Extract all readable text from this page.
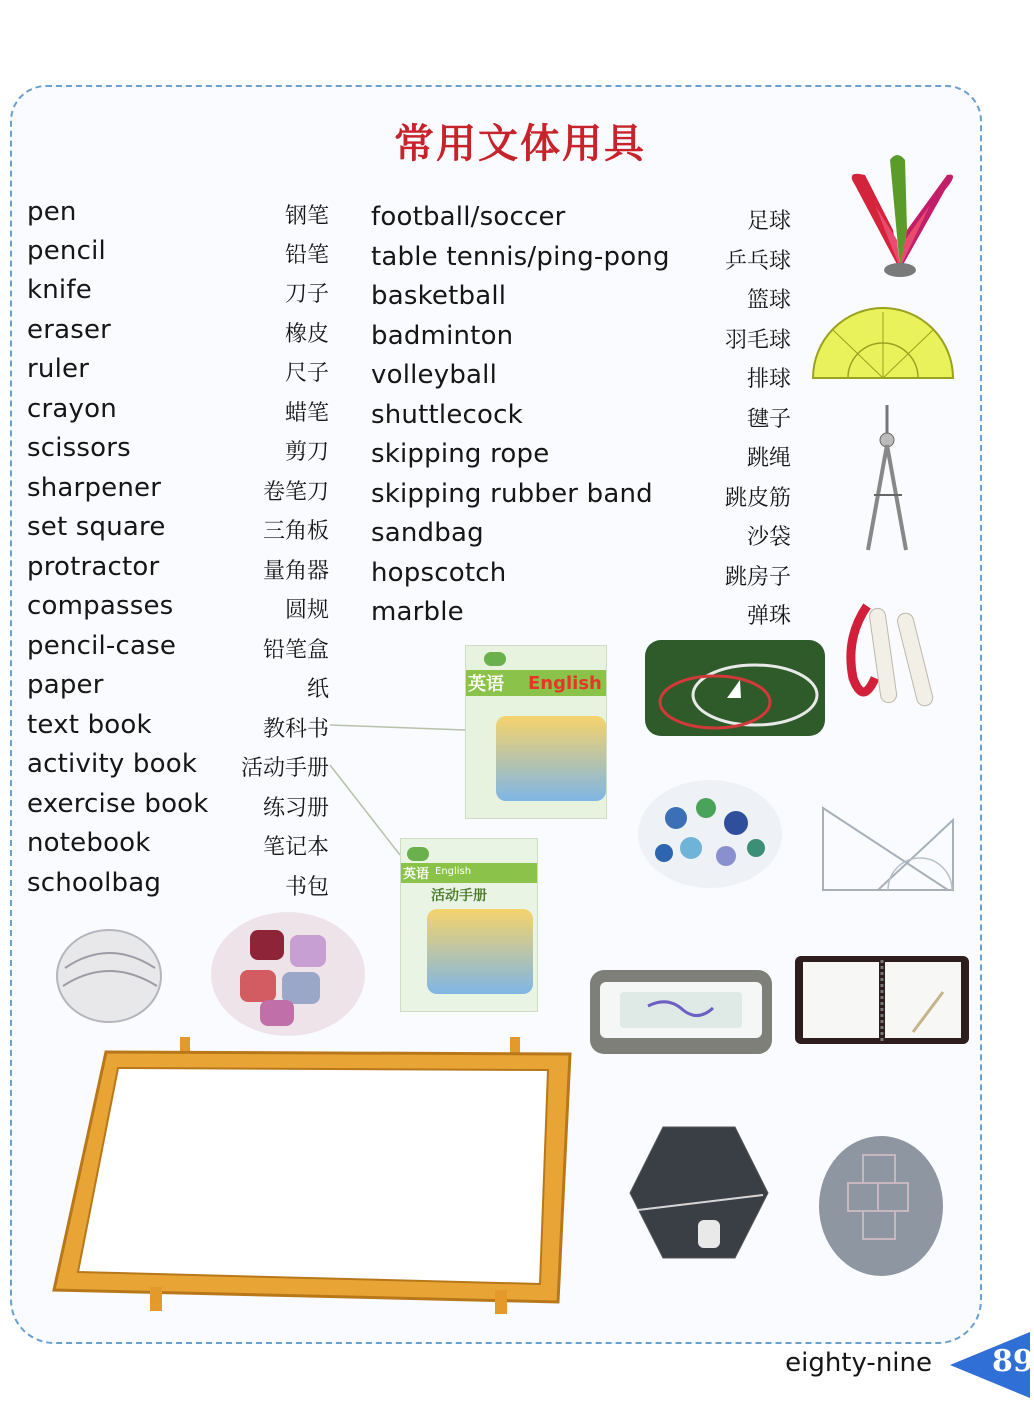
常用文体用具
pen	钢笔
pencil	铅笔
knife	刀子
eraser	橡皮
ruler	尺子
crayon	蜡笔
scissors	剪刀
sharpener	卷笔刀
set square	三角板
protractor	量角器
compasses	圆规
pencil-case	铅笔盒
paper	纸
text book	教科书
activity book 活动手册
exercise book 练习册
notebook	笔记本
schoolbag	书包
football/soccer	足球
table tennis/ping-pong	乒乓球
basketball	篮球
badminton	羽毛球
volleyball	排球
shuttlecock	毽子
skipping rope	跳绳
skipping rubber band	跳皮筋
sandbag	沙袋
hopscotch	跳房子
marble	弹珠
英语 English
英语 English
活动手册
eighty-nine 89
